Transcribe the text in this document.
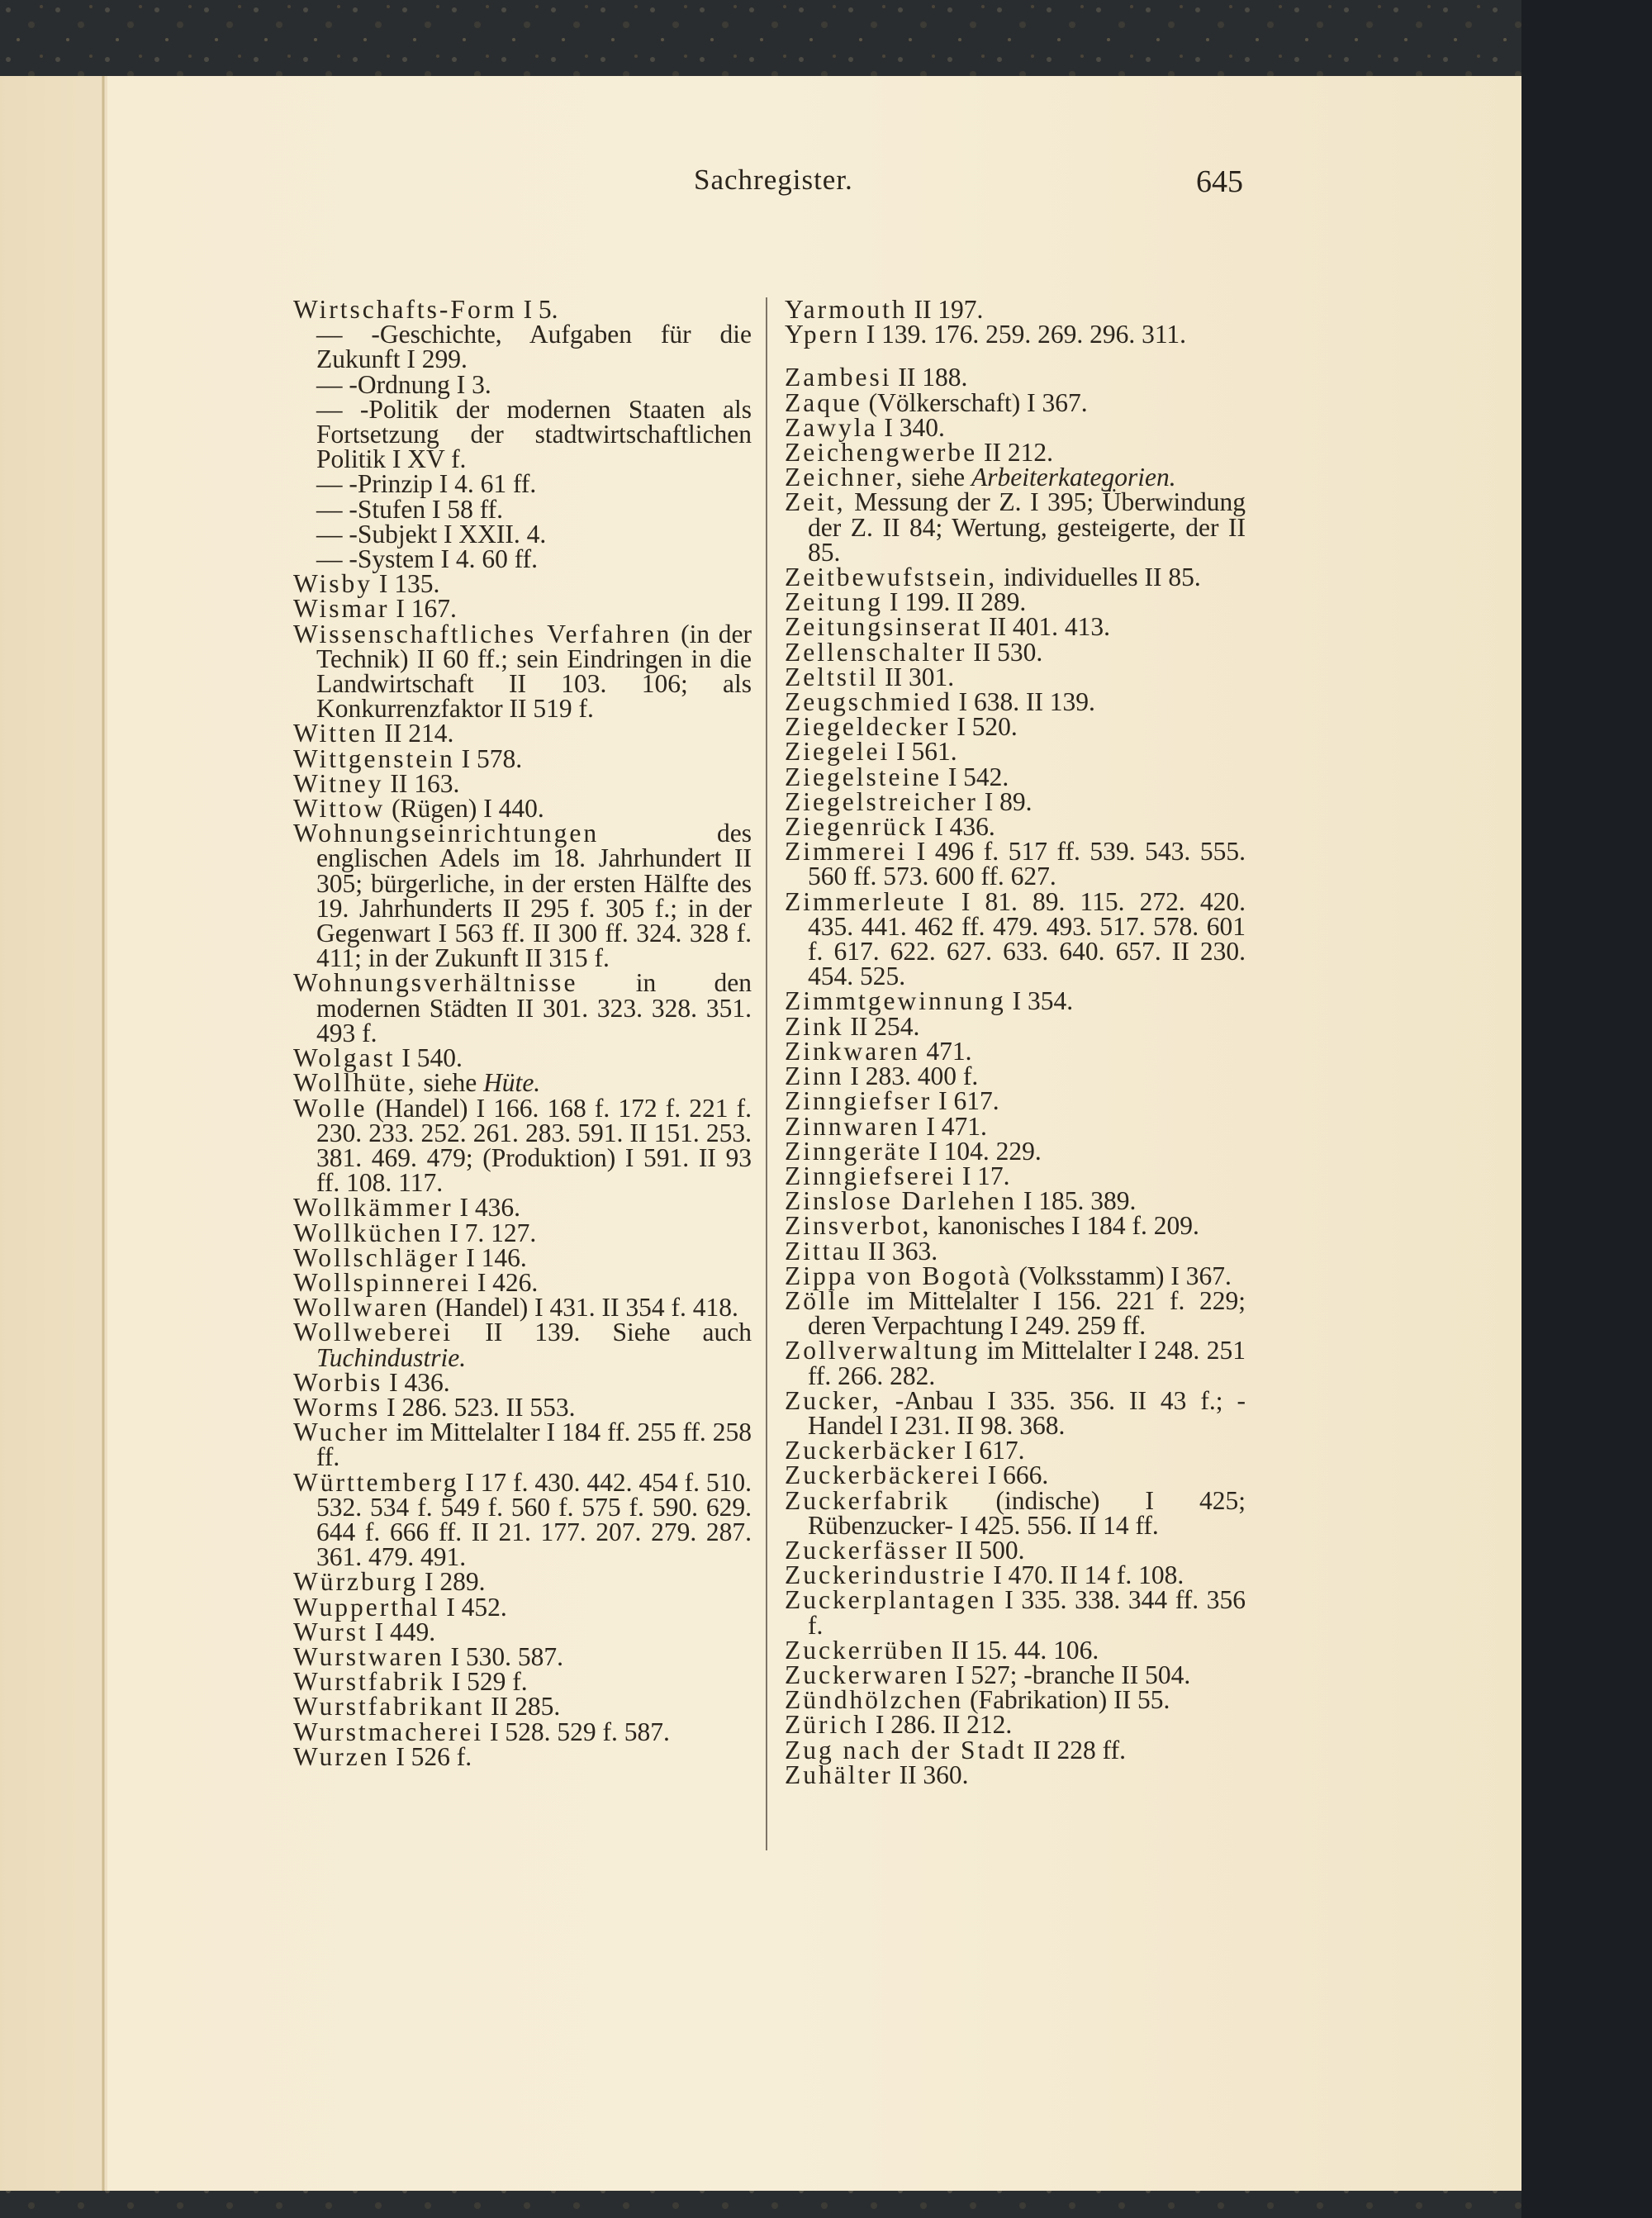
Sachregister.	645
Wirtschafts-Form I 5.
— -Geschichte, Aufgaben für die Zukunft I 299.
— -Ordnung I 3.
— -Politik der modernen Staaten als Fortsetzung der stadtwirtschaftlichen Politik I XV f.
— -Prinzip I 4. 61 ff.
— -Stufen I 58 ff.
— -Subjekt I XXII. 4.
— -System I 4. 60 ff.
Wisby I 135.
Wismar I 167.
Wissenschaftliches Verfahren (in der Technik) II 60 ff.; sein Eindringen in die Landwirtschaft II 103. 106; als Konkurrenzfaktor II 519 f.
Witten II 214.
Wittgenstein I 578.
Witney II 163.
Wittow (Rügen) I 440.
Wohnungseinrichtungen des englischen Adels im 18. Jahrhundert II 305; bürgerliche, in der ersten Hälfte des 19. Jahrhunderts II 295 f. 305 f.; in der Gegenwart I 563 ff. II 300 ff. 324. 328 f. 411; in der Zukunft II 315 f.
Wohnungsverhältnisse in den modernen Städten II 301. 323. 328. 351. 493 f.
Wolgast I 540.
Wollhüte, siehe Hüte.
Wolle (Handel) I 166. 168 f. 172 f. 221 f. 230. 233. 252. 261. 283. 591. II 151. 253. 381. 469. 479; (Produktion) I 591. II 93 ff. 108. 117.
Wollkämmer I 436.
Wollküchen I 7. 127.
Wollschläger I 146.
Wollspinnerei I 426.
Wollwaren (Handel) I 431. II 354 f. 418.
Wollweberei II 139. Siehe auch Tuchindustrie.
Worbis I 436.
Worms I 286. 523. II 553.
Wucher im Mittelalter I 184 ff. 255 ff. 258 ff.
Württemberg I 17 f. 430. 442. 454 f. 510. 532. 534 f. 549 f. 560 f. 575 f. 590. 629. 644 f. 666 ff. II 21. 177. 207. 279. 287. 361. 479. 491.
Würzburg I 289.
Wupperthal I 452.
Wurst I 449.
Wurstwaren I 530. 587.
Wurstfabrik I 529 f.
Wurstfabrikant II 285.
Wurstmacherei I 528. 529 f. 587.
Wurzen I 526 f.
Yarmouth II 197.
Ypern I 139. 176. 259. 269. 296. 311.
Zambesi II 188.
Zaque (Völkerschaft) I 367.
Zawyla I 340.
Zeichengwerbe II 212.
Zeichner, siehe Arbeiterkategorien.
Zeit, Messung der Z. I 395; Überwindung der Z. II 84; Wertung, gesteigerte, der II 85.
Zeitbewufstsein, individuelles II 85.
Zeitung I 199. II 289.
Zeitungsinserat II 401. 413.
Zellenschalter II 530.
Zeltstil II 301.
Zeugschmied I 638. II 139.
Ziegeldecker I 520.
Ziegelei I 561.
Ziegelsteine I 542.
Ziegelstreicher I 89.
Ziegenrück I 436.
Zimmerei I 496 f. 517 ff. 539. 543. 555. 560 ff. 573. 600 ff. 627.
Zimmerleute I 81. 89. 115. 272. 420. 435. 441. 462 ff. 479. 493. 517. 578. 601 f. 617. 622. 627. 633. 640. 657. II 230. 454. 525.
Zimmtgewinnung I 354.
Zink II 254.
Zinkwaren 471.
Zinn I 283. 400 f.
Zinngiefser I 617.
Zinnwaren I 471.
Zinngeräte I 104. 229.
Zinngiefserei I 17.
Zinslose Darlehen I 185. 389.
Zinsverbot, kanonisches I 184 f. 209.
Zittau II 363.
Zippa von Bogotà (Volksstamm) I 367.
Zölle im Mittelalter I 156. 221 f. 229; deren Verpachtung I 249. 259 ff.
Zollverwaltung im Mittelalter I 248. 251 ff. 266. 282.
Zucker, -Anbau I 335. 356. II 43 f.; -Handel I 231. II 98. 368.
Zuckerbäcker I 617.
Zuckerbäckerei I 666.
Zuckerfabrik (indische) I 425; Rübenzucker- I 425. 556. II 14 ff.
Zuckerfässer II 500.
Zuckerindustrie I 470. II 14 f. 108.
Zuckerplantagen I 335. 338. 344 ff. 356 f.
Zuckerrüben II 15. 44. 106.
Zuckerwaren I 527; -branche II 504.
Zündhölzchen (Fabrikation) II 55.
Zürich I 286. II 212.
Zug nach der Stadt II 228 ff.
Zuhälter II 360.
